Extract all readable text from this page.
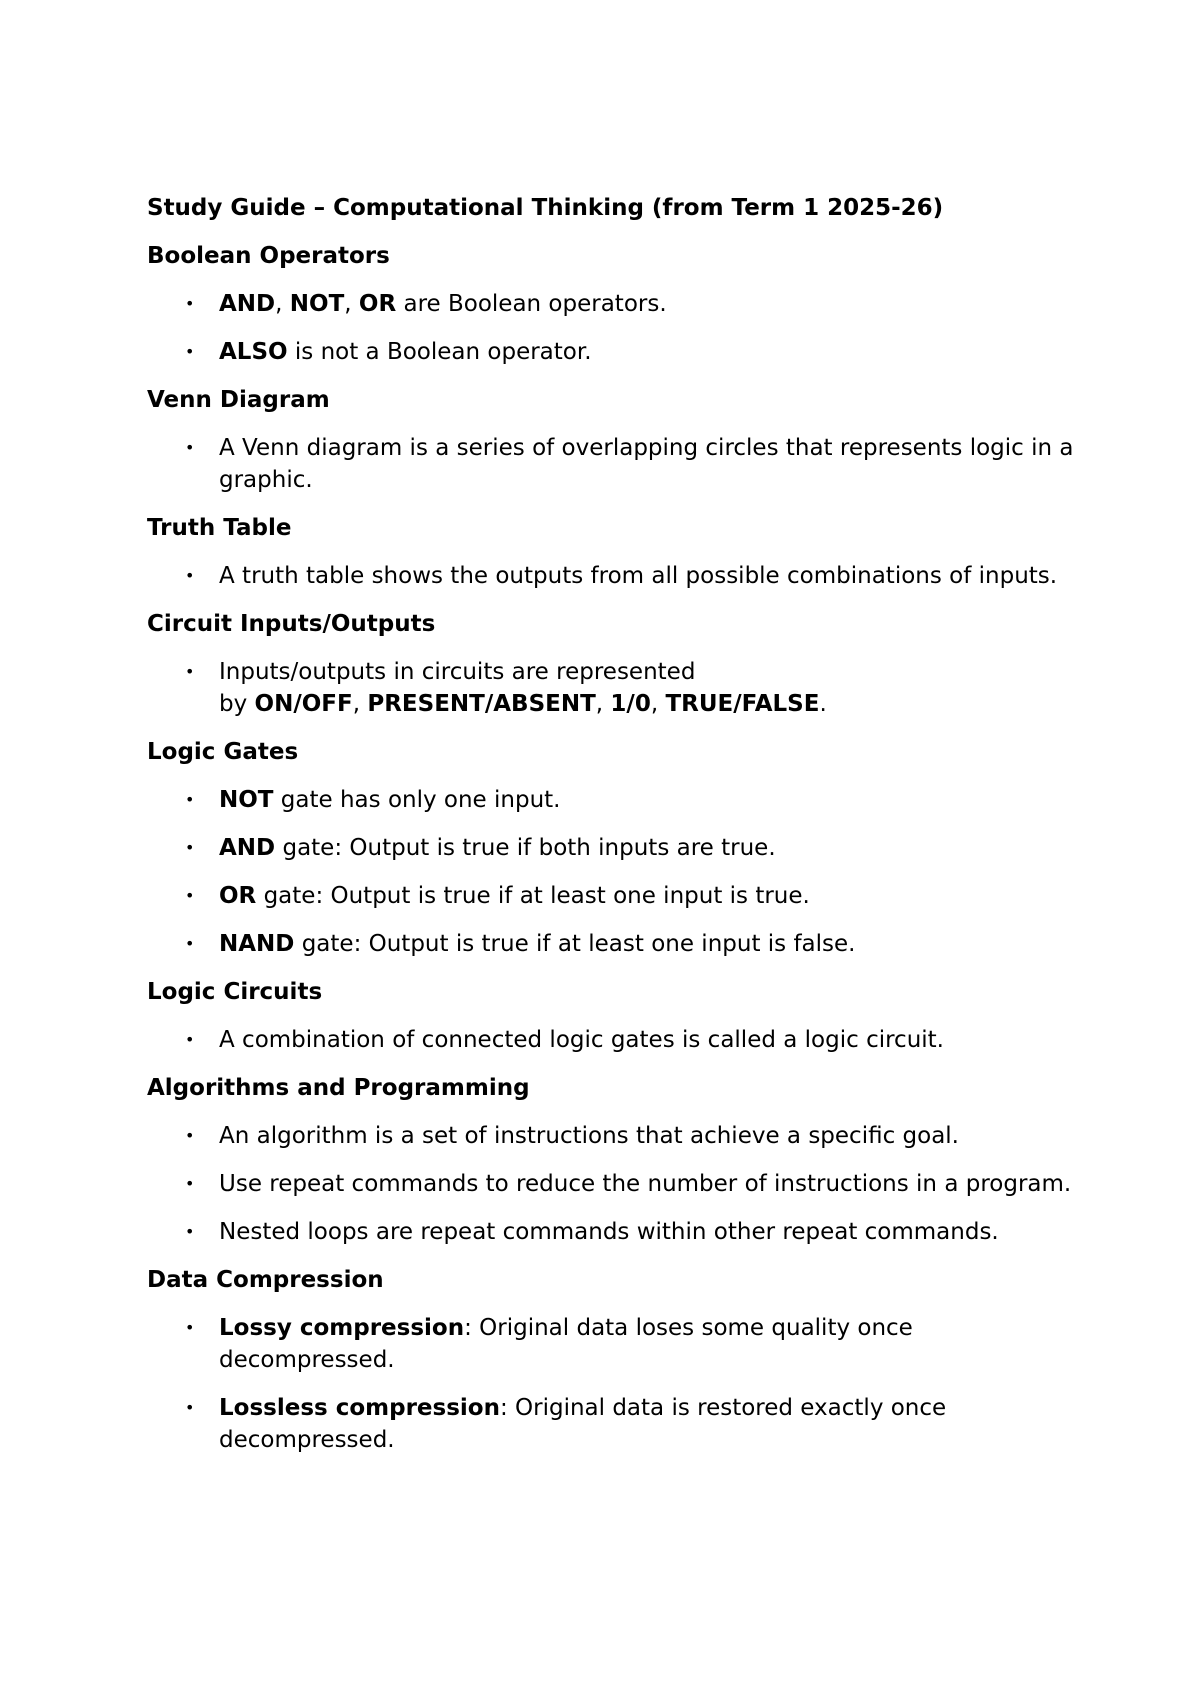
Study Guide – Computational Thinking (from Term 1 2025-26)
Boolean Operators
• AND, NOT, OR are Boolean operators.
• ALSO is not a Boolean operator.
Venn Diagram
• A Venn diagram is a series of overlapping circles that represents logic in a graphic.
Truth Table
• A truth table shows the outputs from all possible combinations of inputs.
Circuit Inputs/Outputs
• Inputs/outputs in circuits are represented
by ON/OFF, PRESENT/ABSENT, 1/0, TRUE/FALSE.
Logic Gates
• NOT gate has only one input.
• AND gate: Output is true if both inputs are true.
• OR gate: Output is true if at least one input is true.
• NAND gate: Output is true if at least one input is false.
Logic Circuits
• A combination of connected logic gates is called a logic circuit.
Algorithms and Programming
• An algorithm is a set of instructions that achieve a specific goal.
• Use repeat commands to reduce the number of instructions in a program.
• Nested loops are repeat commands within other repeat commands.
Data Compression
• Lossy compression: Original data loses some quality once decompressed.
• Lossless compression: Original data is restored exactly once decompressed.
